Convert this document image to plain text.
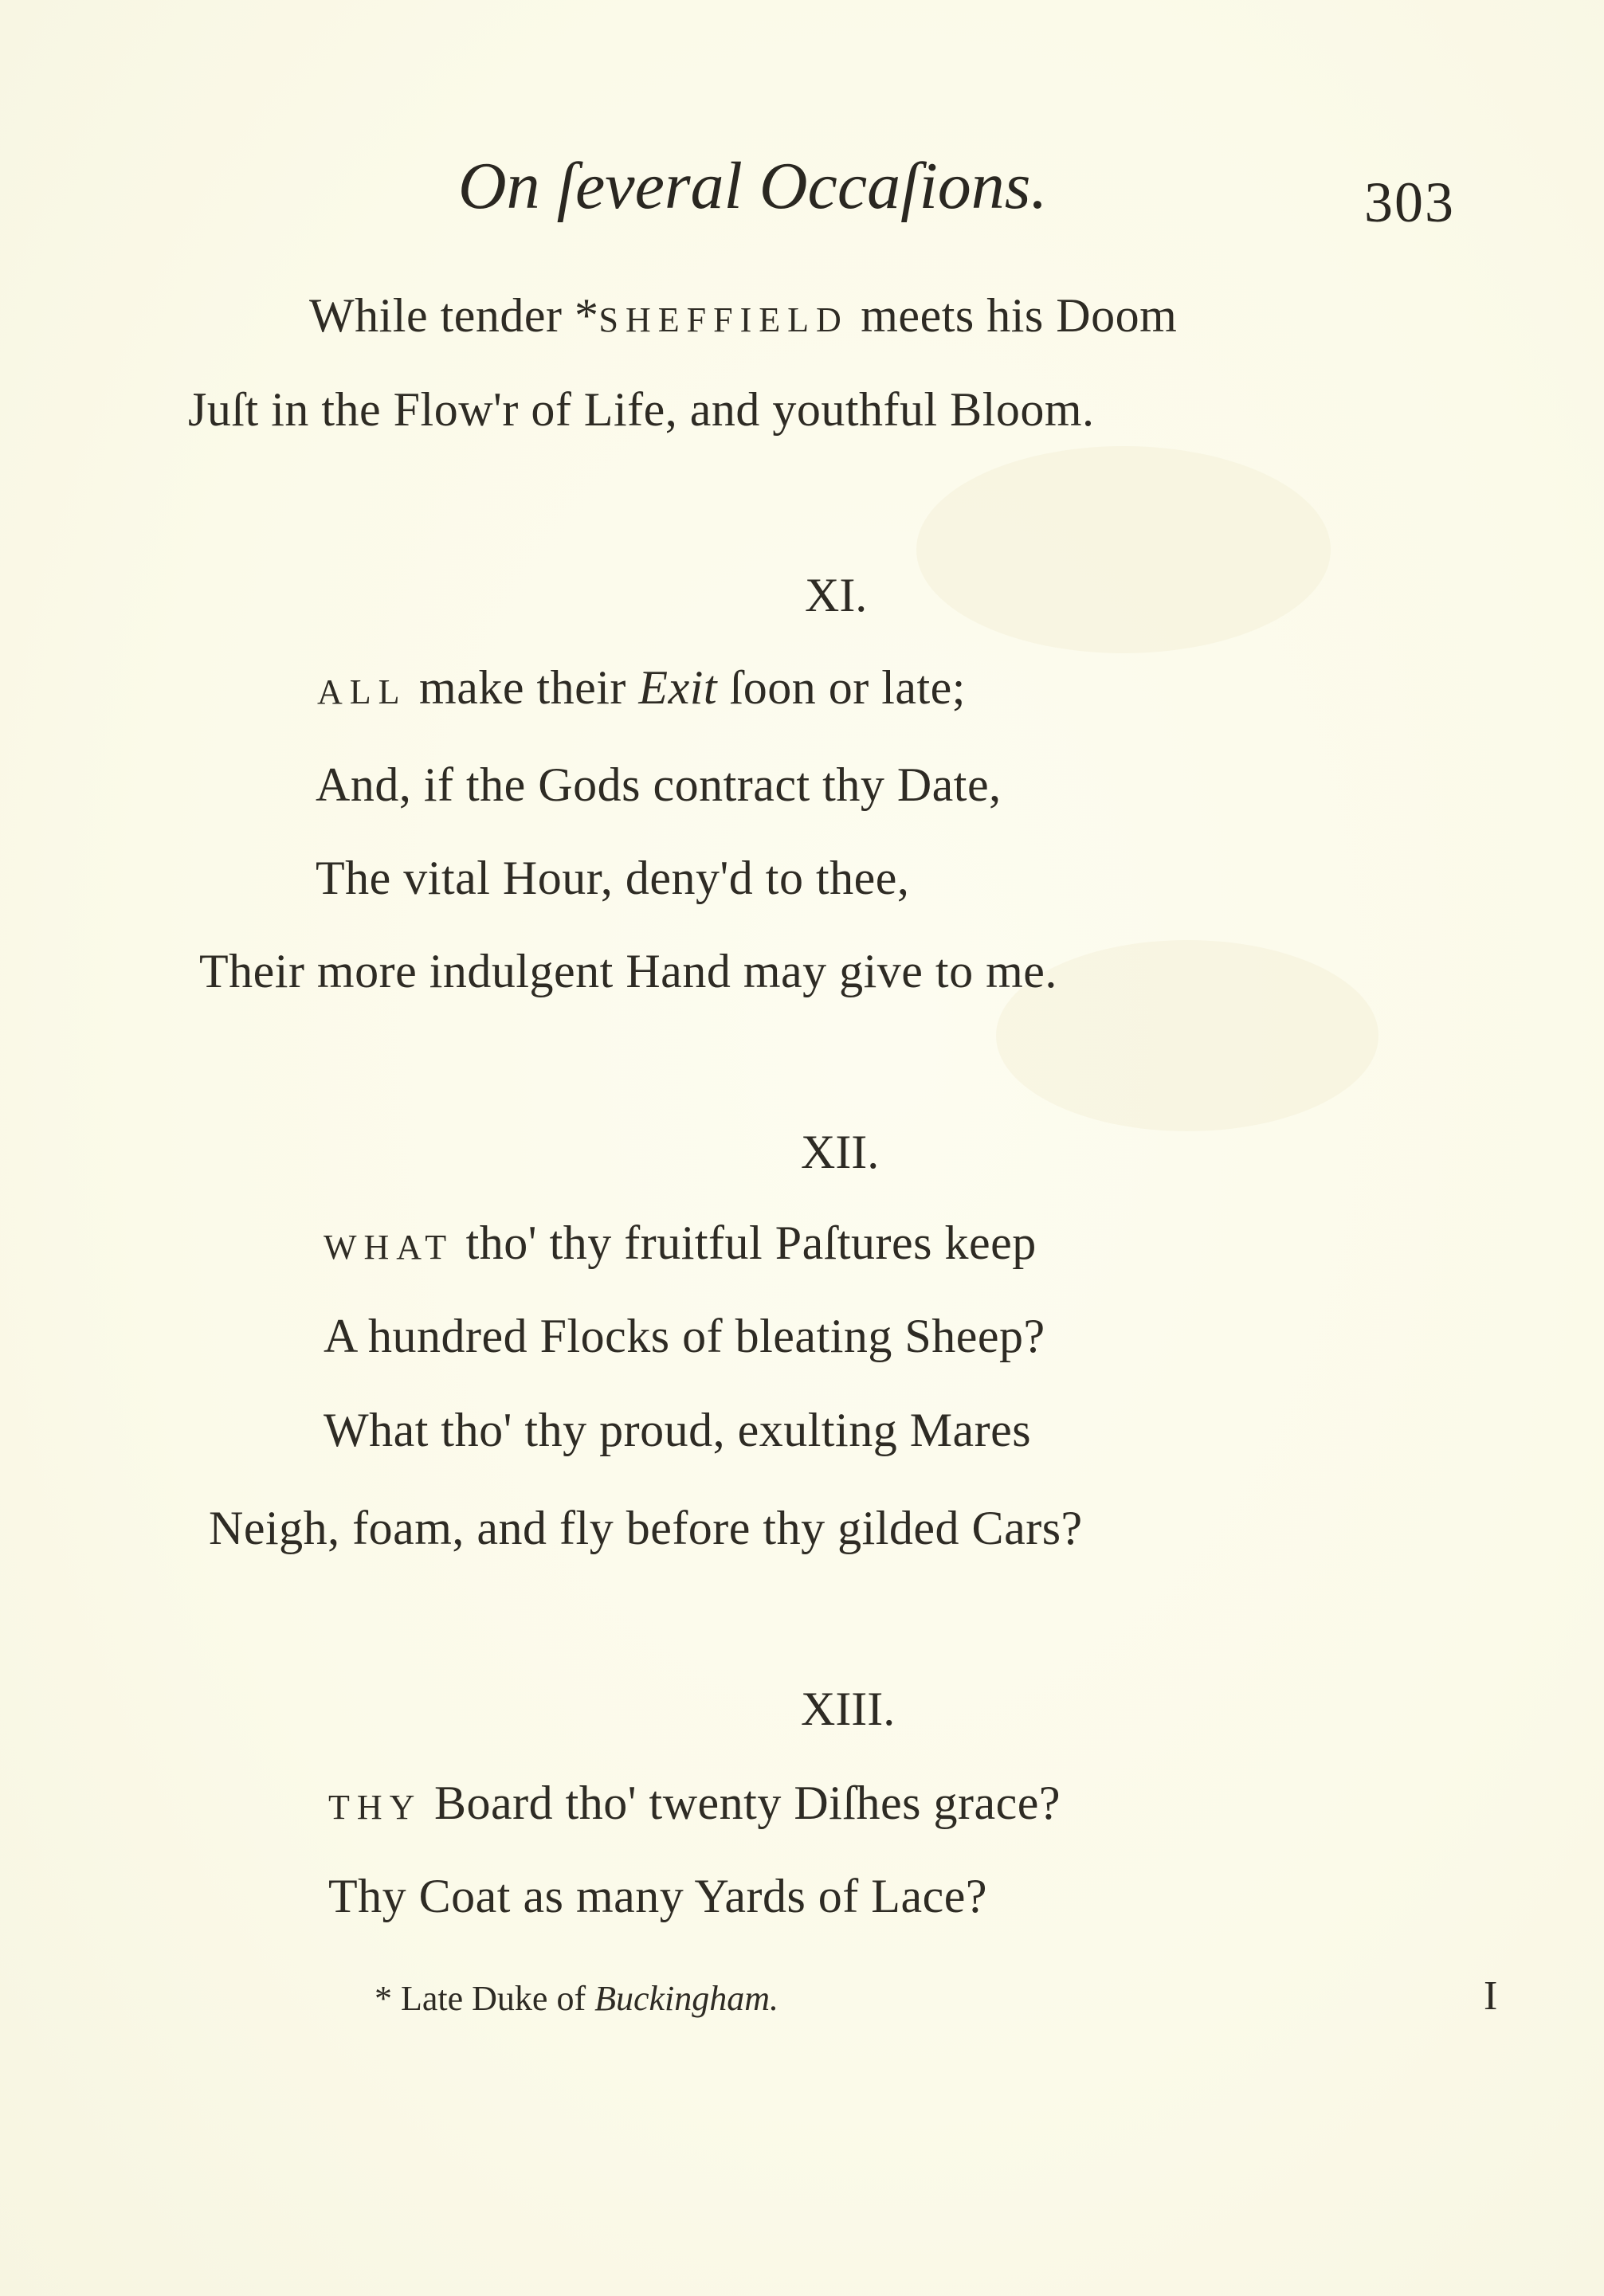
On ſeveral Occaſions.	303
While tender *SHEFFIELD meets his Doom
Juſt in the Flow'r of Life, and youthful Bloom.
XI.
ALL make their Exit ſoon or late;
And, if the Gods contract thy Date,
The vital Hour, deny'd to thee,
Their more indulgent Hand may give to me.
XII.
WHAT tho' thy fruitful Paſtures keep
A hundred Flocks of bleating Sheep?
What tho' thy proud, exulting Mares
Neigh, foam, and fly before thy gilded Cars?
XIII.
THY Board tho' twenty Diſhes grace?
Thy Coat as many Yards of Lace?
* Late Duke of Buckingham.	I
